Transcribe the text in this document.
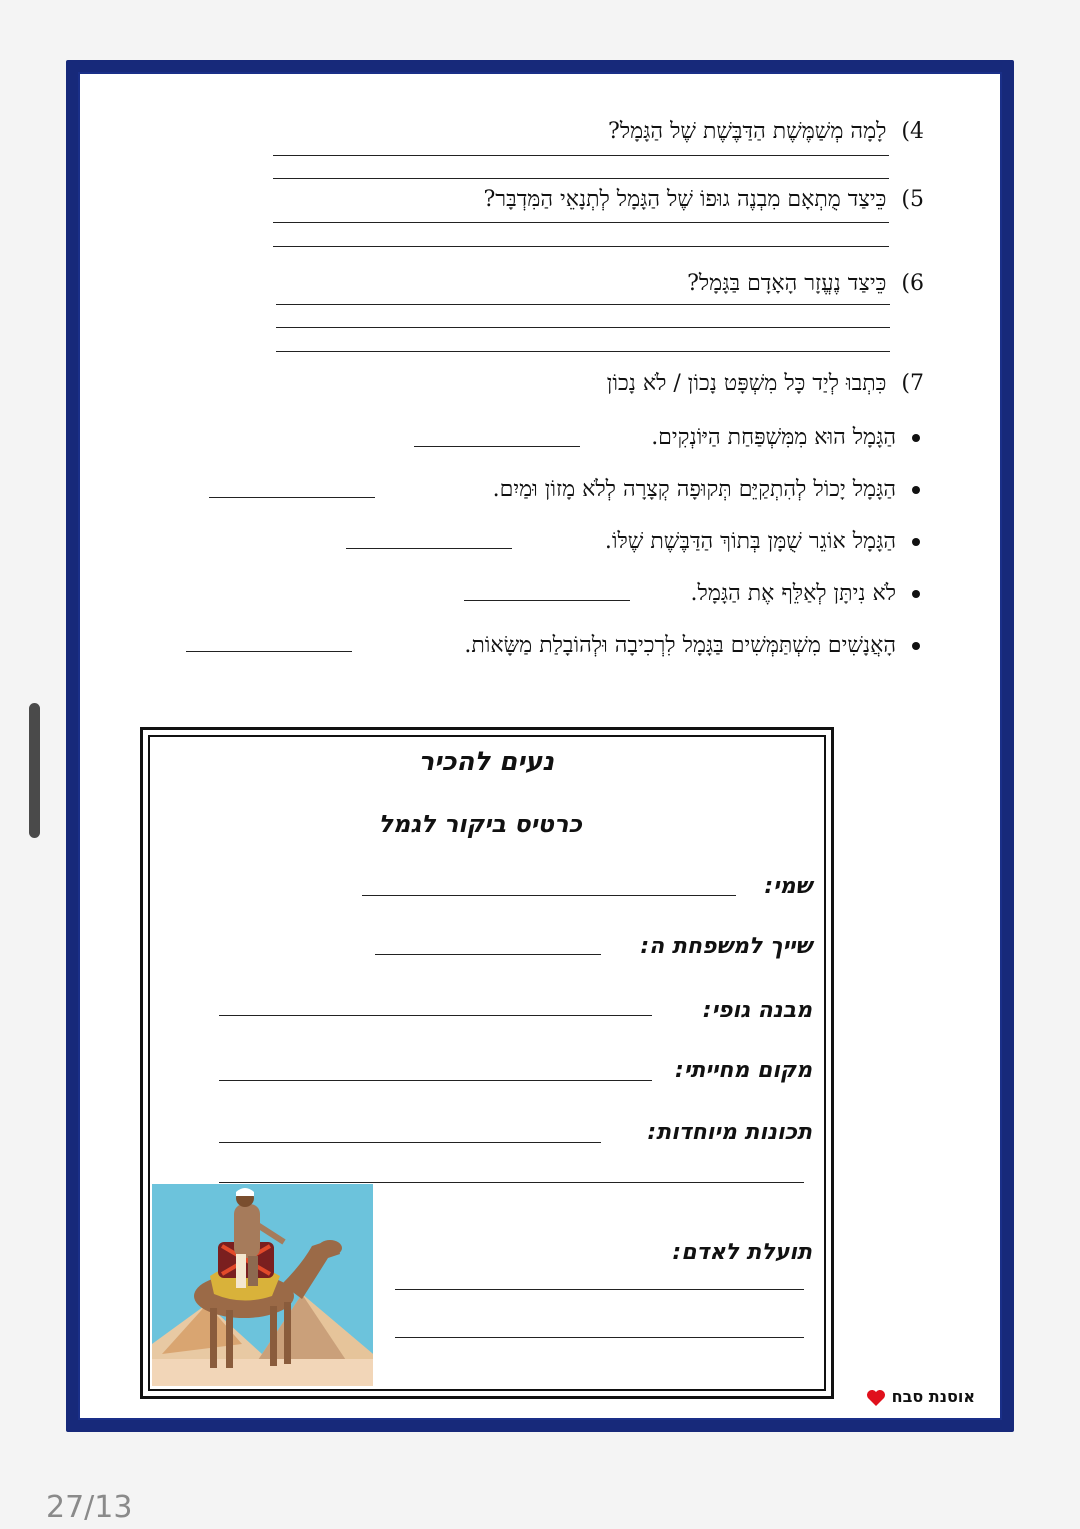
4) לָמָה מְשַׁמֶּשֶׁת הַדַּבֶּשֶׁת שֶׁל הַגָּמָל?
5) כֵּיצַד מֻתְאָם מִבְנֶה גוּפוֹ שֶׁל הַגָּמָל לְתְנָאֵי הַמִּדְבָּר?
6) כֵּיצַד נֶעֱזָר הָאָדָם בַּגָּמָל?
7) כִּתְבוּ לְיַד כָּל מִשְׁפָּט נָכוֹן / לֹא נָכוֹן
הַגָּמָל הוּא מִמִּשְׁפַּחַת הַיּוֹנְקִים.
הַגָּמָל יָכוֹל לְהִתְקַיֵּם תְּקוּפָה קְצָרָה לְלֹא מָזוֹן וּמַיִם.
הַגָּמָל אוֹגֵר שֻׁמָּן בְּתוֹךְ הַדַּבֶּשֶׁת שֶׁלּוֹ.
לֹא נִיתָּן לְאַלֵּף אֶת הַגָּמָל.
הָאֲנָשִׁים מִשְׁתַּמְּשִׁים בַּגָּמָל לִרְכִיבָה וּלְהוֹבָלַת מַשָּׂאוֹת.
נעים להכיר
כרטיס ביקור לגמל
שמי:
שייך למשפחת ה:
מבנה גופי:
מקום מחייתי:
תכונות מיוחדות:
תועלת לאדם:
אוסנת סבח
27/13
